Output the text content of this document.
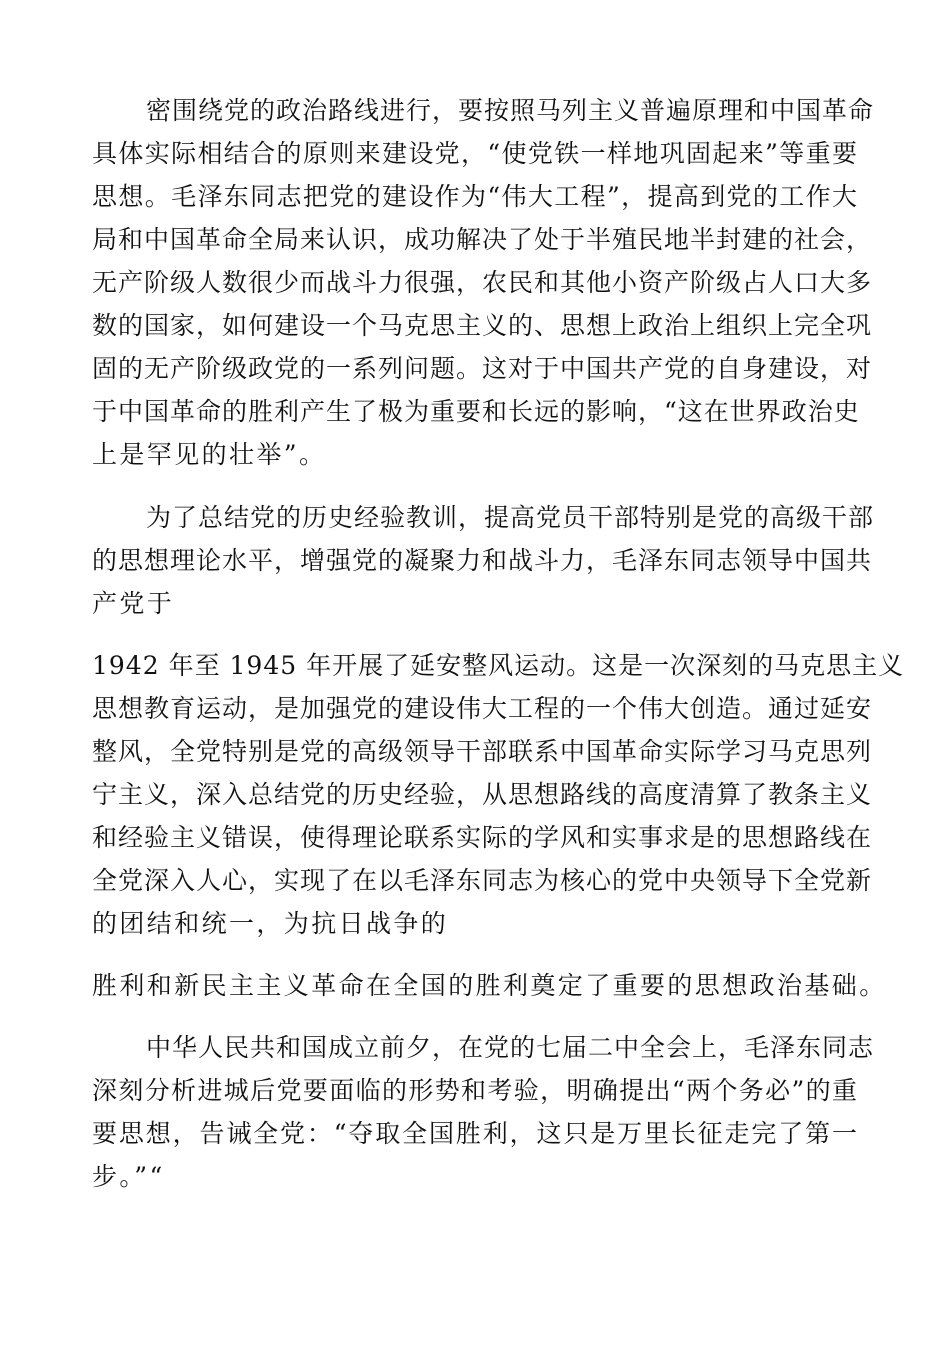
密围绕党的政治路线进行，要按照马列主义普遍原理和中国革命
具体实际相结合的原则来建设党，“使党铁一样地巩固起来”等重要
思想。毛泽东同志把党的建设作为“伟大工程”，提高到党的工作大
局和中国革命全局来认识，成功解决了处于半殖民地半封建的社会，
无产阶级人数很少而战斗力很强，农民和其他小资产阶级占人口大多
数的国家，如何建设一个马克思主义的、思想上政治上组织上完全巩
固的无产阶级政党的一系列问题。这对于中国共产党的自身建设，对
于中国革命的胜利产生了极为重要和长远的影响，“这在世界政治史
上是罕见的壮举”。
为了总结党的历史经验教训，提高党员干部特别是党的高级干部
的思想理论水平，增强党的凝聚力和战斗力，毛泽东同志领导中国共
产党于
1942 年至 1945 年开展了延安整风运动。这是一次深刻的马克思主义
思想教育运动，是加强党的建设伟大工程的一个伟大创造。通过延安
整风，全党特别是党的高级领导干部联系中国革命实际学习马克思列
宁主义，深入总结党的历史经验，从思想路线的高度清算了教条主义
和经验主义错误，使得理论联系实际的学风和实事求是的思想路线在
全党深入人心，实现了在以毛泽东同志为核心的党中央领导下全党新
的团结和统一，为抗日战争的
胜利和新民主主义革命在全国的胜利奠定了重要的思想政治基础。
中华人民共和国成立前夕，在党的七届二中全会上，毛泽东同志
深刻分析进城后党要面临的形势和考验，明确提出“两个务必”的重
要思想，告诫全党：“夺取全国胜利，这只是万里长征走完了第一
步。”“
